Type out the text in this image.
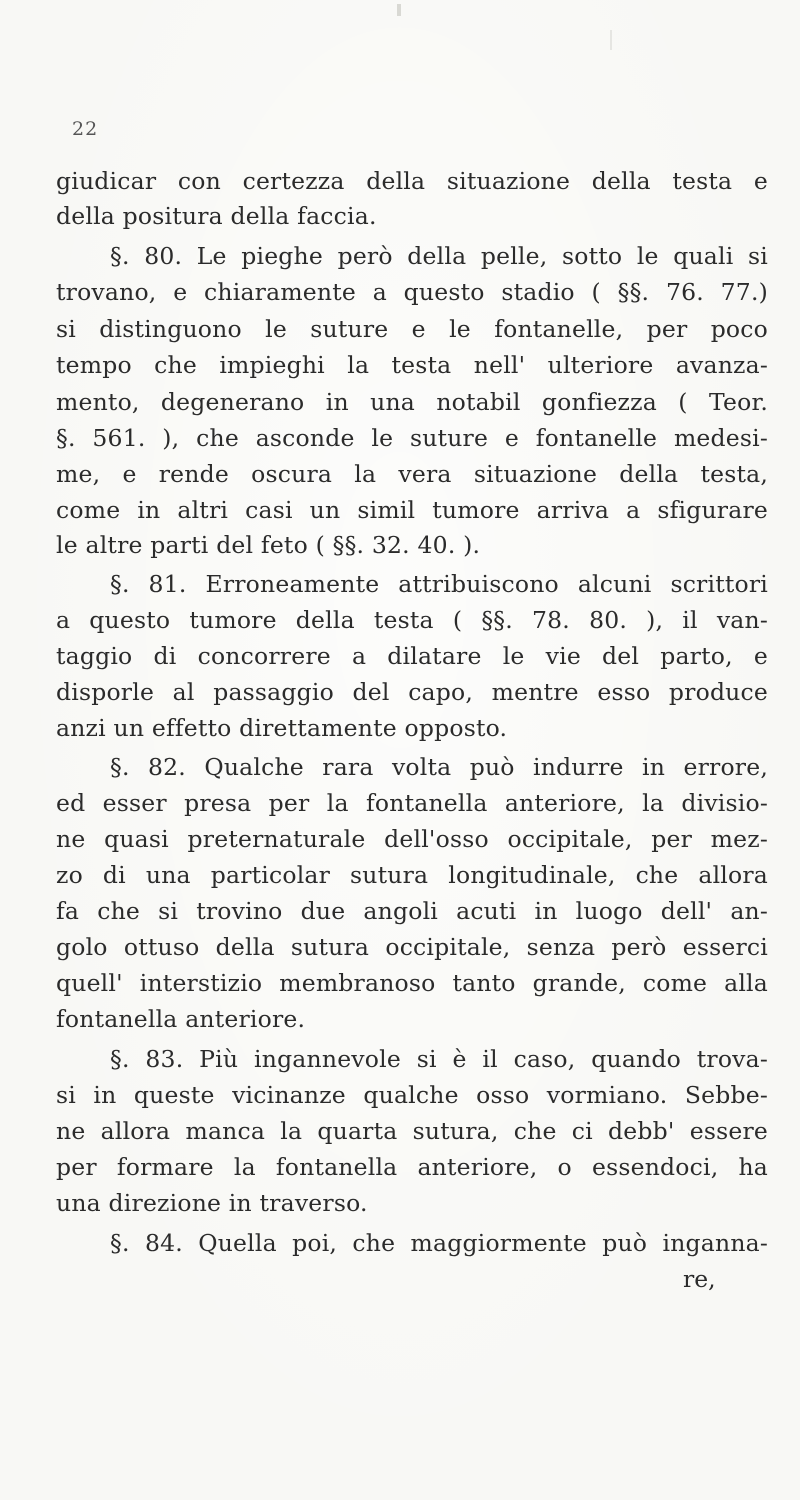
22
giudicar con certezza della situazione della testa e
della positura della faccia.
§. 80. Le pieghe però della pelle, sotto le quali si
trovano, e chiaramente a questo stadio ( §§. 76. 77.)
si distinguono le suture e le fontanelle, per poco
tempo che impieghi la testa nell' ulteriore avanza-
mento, degenerano in una notabil gonfiezza ( Teor.
§. 561. ), che asconde le suture e fontanelle medesi-
me, e rende oscura la vera situazione della testa,
come in altri casi un simil tumore arriva a sfigurare
le altre parti del feto ( §§. 32. 40. ).
§. 81. Erroneamente attribuiscono alcuni scrittori
a questo tumore della testa ( §§. 78. 80. ), il van-
taggio di concorrere a dilatare le vie del parto, e
disporle al passaggio del capo, mentre esso produce
anzi un effetto direttamente opposto.
§. 82. Qualche rara volta può indurre in errore,
ed esser presa per la fontanella anteriore, la divisio-
ne quasi preternaturale dell'osso occipitale, per mez-
zo di una particolar sutura longitudinale, che allora
fa che si trovino due angoli acuti in luogo dell' an-
golo ottuso della sutura occipitale, senza però esserci
quell' interstizio membranoso tanto grande, come alla
fontanella anteriore.
§. 83. Più ingannevole si è il caso, quando trova-
si in queste vicinanze qualche osso vormiano. Sebbe-
ne allora manca la quarta sutura, che ci debb' essere
per formare la fontanella anteriore, o essendoci, ha
una direzione in traverso.
§. 84. Quella poi, che maggiormente può inganna-
re,
